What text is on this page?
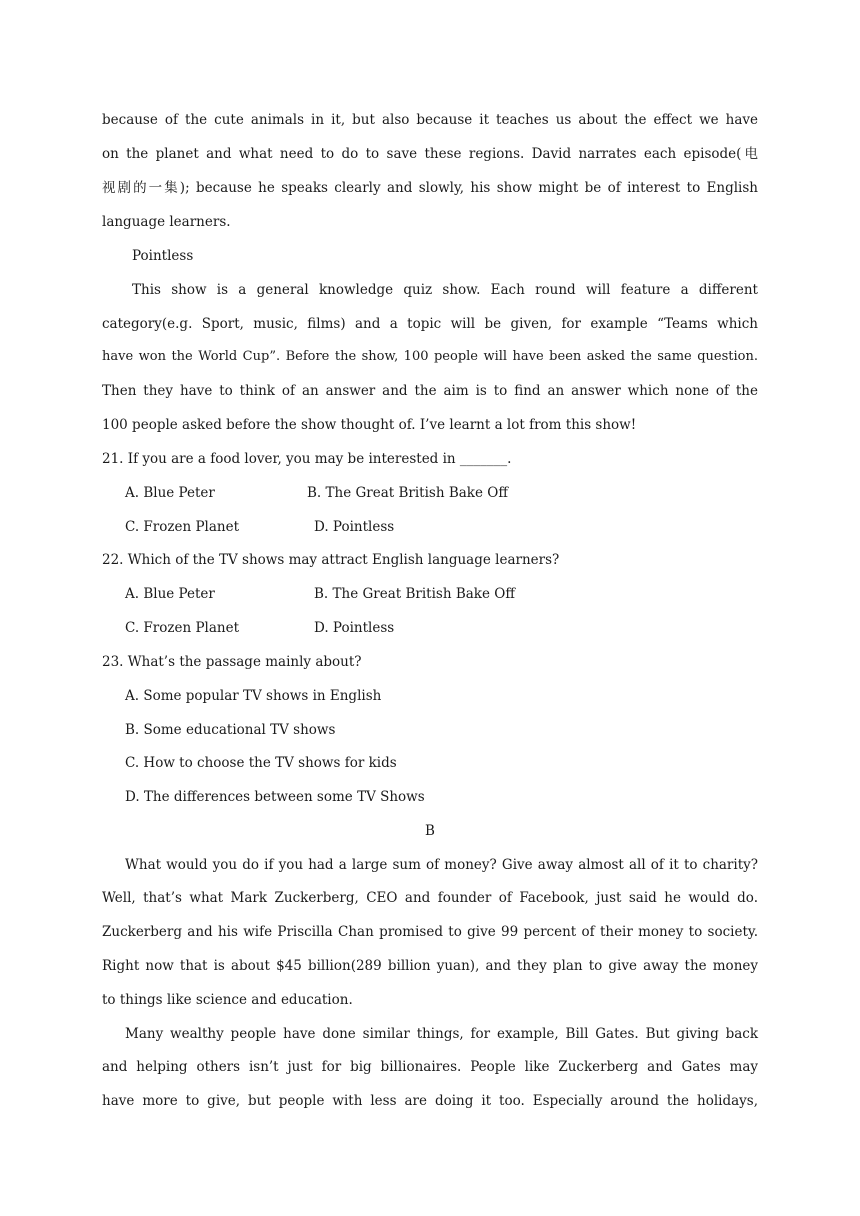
because of the cute animals in it, but also because it teaches us about the effect we have
on the planet and what need to do to save these regions. David narrates each episode(电
视剧的一集); because he speaks clearly and slowly, his show might be of interest to English
language learners.
Pointless
This show is a general knowledge quiz show. Each round will feature a different
category(e.g. Sport, music, films) and a topic will be given, for example “Teams which
have won the World Cup”. Before the show, 100 people will have been asked the same question.
Then they have to think of an answer and the aim is to find an answer which none of the
100 people asked before the show thought of. I’ve learnt a lot from this show!
21. If you are a food lover, you may be interested in _______.
A. Blue Peter	B. The Great British Bake Off
C. Frozen Planet	D. Pointless
22. Which of the TV shows may attract English language learners?
A. Blue Peter	B. The Great British Bake Off
C. Frozen Planet	D. Pointless
23. What’s the passage mainly about?
A. Some popular TV shows in English
B. Some educational TV shows
C. How to choose the TV shows for kids
D. The differences between some TV Shows
B
What would you do if you had a large sum of money? Give away almost all of it to charity?
Well, that’s what Mark Zuckerberg, CEO and founder of Facebook, just said he would do.
Zuckerberg and his wife Priscilla Chan promised to give 99 percent of their money to society.
Right now that is about $45 billion(289 billion yuan), and they plan to give away the money
to things like science and education.
Many wealthy people have done similar things, for example, Bill Gates. But giving back
and helping others isn’t just for big billionaires. People like Zuckerberg and Gates may
have more to give, but people with less are doing it too. Especially around the holidays,
